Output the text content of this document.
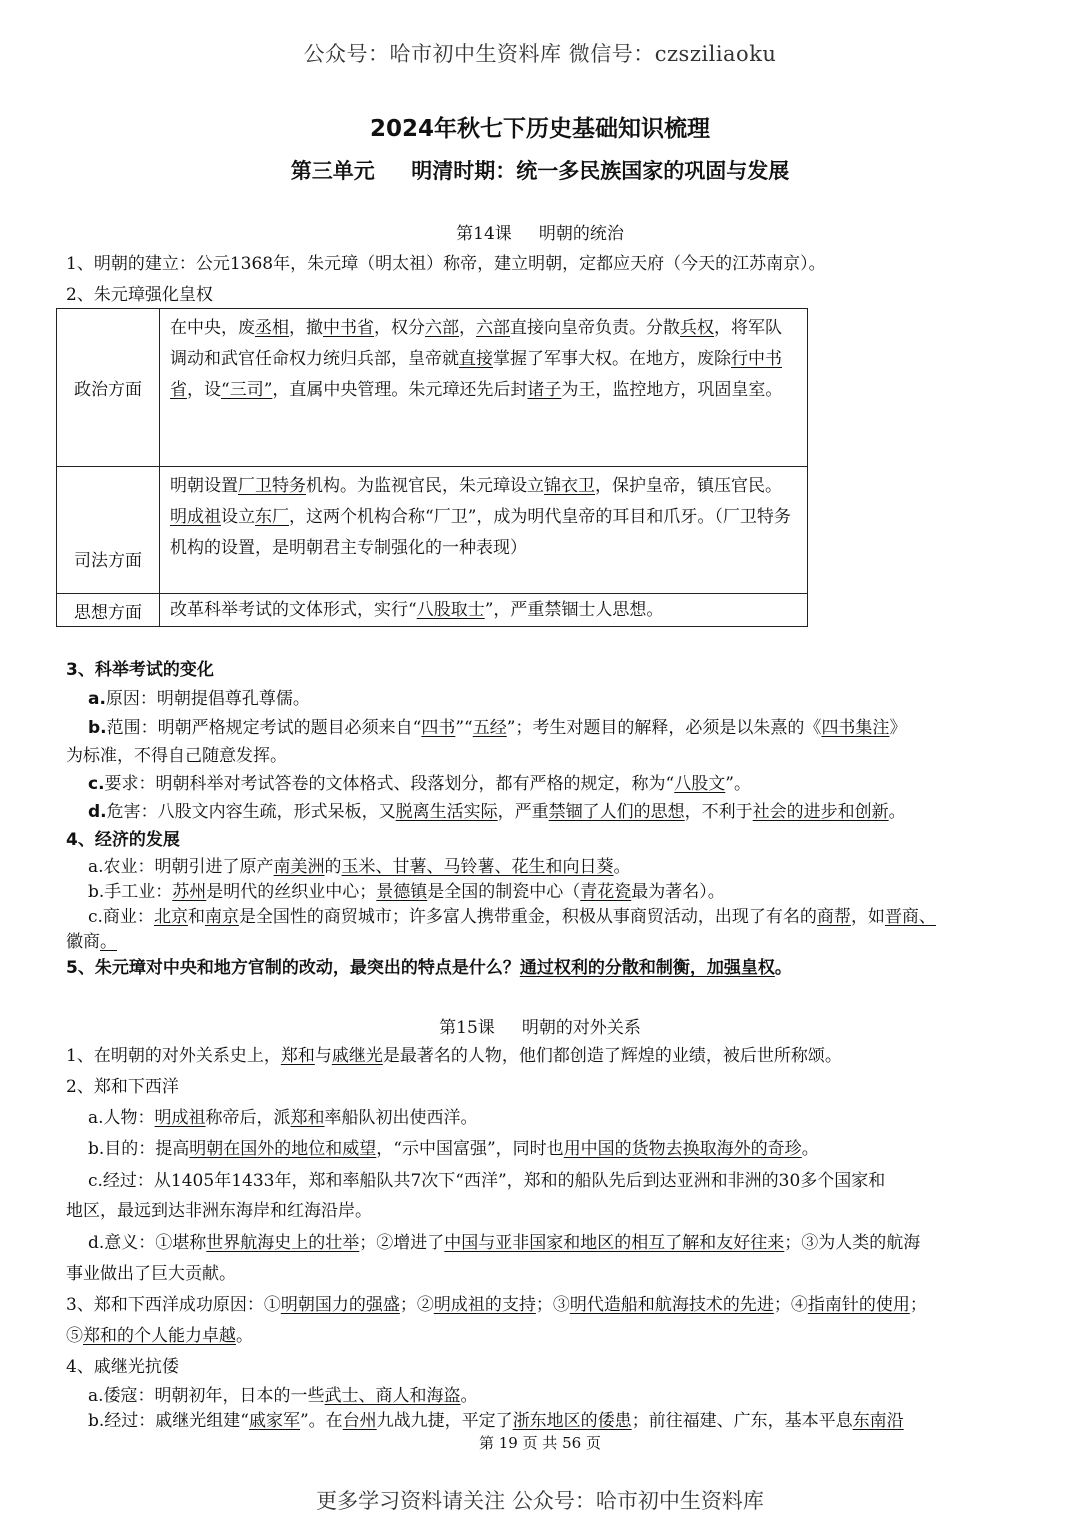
公众号：哈市初中生资料库 微信号：czsziliaoku
2024年秋七下历史基础知识梳理
第三单元     明清时期：统一多民族国家的巩固与发展
第14课     明朝的统治
1、明朝的建立：公元1368年，朱元璋（明太祖）称帝，建立明朝，定都应天府（今天的江苏南京）。
2、朱元璋强化皇权
政治方面	在中央，废丞相，撤中书省，权分六部，六部直接向皇帝负责。分散兵权，将军队调动和武官任命权力统归兵部，皇帝就直接掌握了军事大权。在地方，废除行中书省，设“三司”，直属中央管理。朱元璋还先后封诸子为王，监控地方，巩固皇室。
司法方面	明朝设置厂卫特务机构。为监视官民，朱元璋设立锦衣卫，保护皇帝，镇压官民。明成祖设立东厂，这两个机构合称“厂卫”，成为明代皇帝的耳目和爪牙。（厂卫特务机构的设置，是明朝君主专制强化的一种表现）
思想方面	改革科举考试的文体形式，实行“八股取士”，严重禁锢士人思想。
3、科举考试的变化
a.原因：明朝提倡尊孔尊儒。
b.范围：明朝严格规定考试的题目必须来自“四书”“五经”；考生对题目的解释，必须是以朱熹的《四书集注》
为标准，不得自己随意发挥。
c.要求：明朝科举对考试答卷的文体格式、段落划分，都有严格的规定，称为“八股文”。
d.危害：八股文内容生疏，形式呆板，又脱离生活实际，严重禁锢了人们的思想，不利于社会的进步和创新。
4、经济的发展
a.农业：明朝引进了原产南美洲的玉米、甘薯、马铃薯、花生和向日葵。
b.手工业：苏州是明代的丝织业中心；景德镇是全国的制瓷中心（青花瓷最为著名）。
c.商业：北京和南京是全国性的商贸城市；许多富人携带重金，积极从事商贸活动，出现了有名的商帮，如晋商、
徽商。
5、朱元璋对中央和地方官制的改动，最突出的特点是什么？通过权利的分散和制衡，加强皇权。
第15课     明朝的对外关系
1、在明朝的对外关系史上，郑和与戚继光是最著名的人物，他们都创造了辉煌的业绩，被后世所称颂。
2、郑和下西洋
a.人物：明成祖称帝后，派郑和率船队初出使西洋。
b.目的：提高明朝在国外的地位和威望，“示中国富强”，同时也用中国的货物去换取海外的奇珍。
c.经过：从1405年1433年，郑和率船队共7次下“西洋”，郑和的船队先后到达亚洲和非洲的30多个国家和
地区，最远到达非洲东海岸和红海沿岸。
d.意义：①堪称世界航海史上的壮举；②增进了中国与亚非国家和地区的相互了解和友好往来；③为人类的航海
事业做出了巨大贡献。
3、郑和下西洋成功原因：①明朝国力的强盛；②明成祖的支持；③明代造船和航海技术的先进；④指南针的使用；
⑤郑和的个人能力卓越。
4、戚继光抗倭
a.倭寇：明朝初年，日本的一些武士、商人和海盗。
b.经过：戚继光组建“戚家军”。在台州九战九捷，平定了浙东地区的倭患；前往福建、广东，基本平息东南沿
第 19 页 共 56 页
更多学习资料请关注 公众号：哈市初中生资料库
